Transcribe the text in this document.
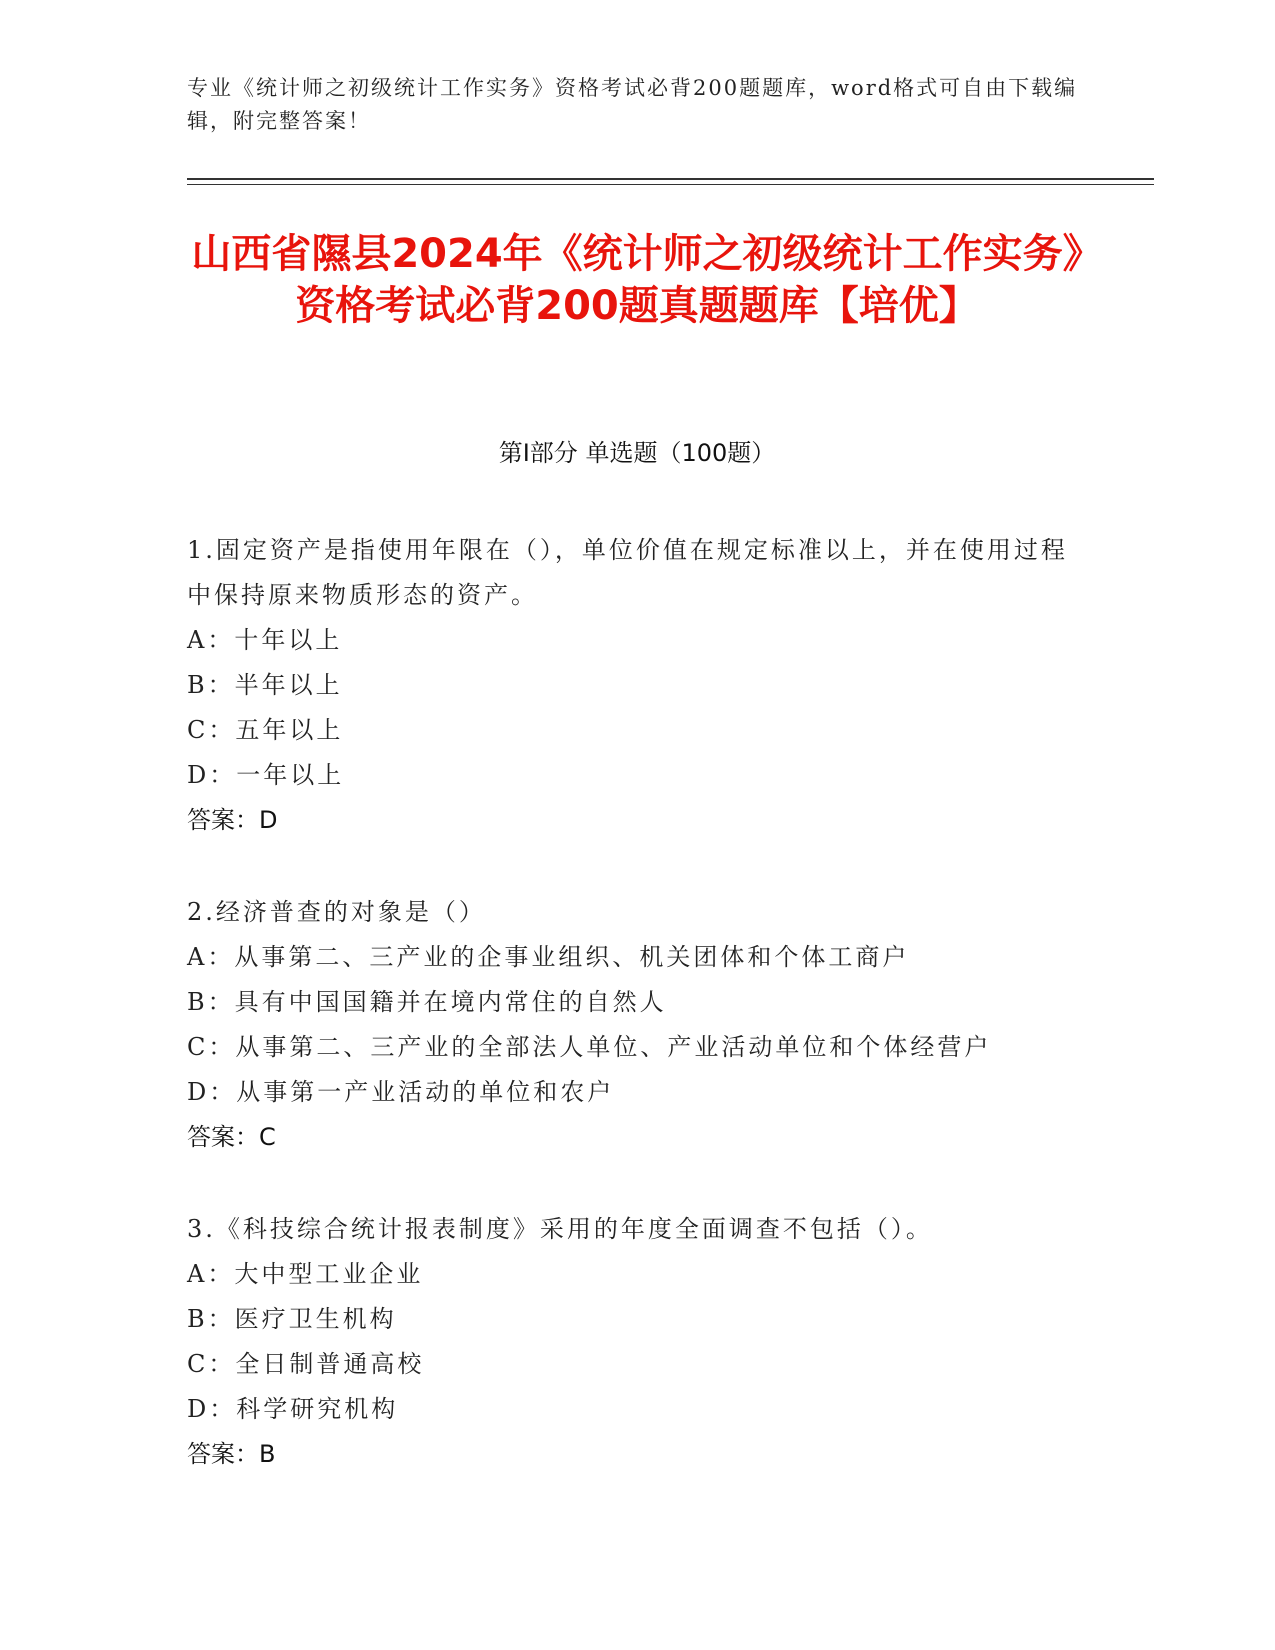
专业《统计师之初级统计工作实务》资格考试必背200题题库，word格式可自由下载编辑，附完整答案！
山西省隰县2024年《统计师之初级统计工作实务》资格考试必背200题真题题库【培优】
第I部分 单选题（100题）

1.固定资产是指使用年限在（），单位价值在规定标准以上，并在使用过程中保持原来物质形态的资产。

A：十年以上

B：半年以上

C：五年以上

D：一年以上

答案：D

2.经济普查的对象是（）

A：从事第二、三产业的企事业组织、机关团体和个体工商户

B：具有中国国籍并在境内常住的自然人

C：从事第二、三产业的全部法人单位、产业活动单位和个体经营户

D：从事第一产业活动的单位和农户

答案：C

3.《科技综合统计报表制度》采用的年度全面调查不包括（）。

A：大中型工业企业

B：医疗卫生机构

C：全日制普通高校

D：科学研究机构

答案：B
